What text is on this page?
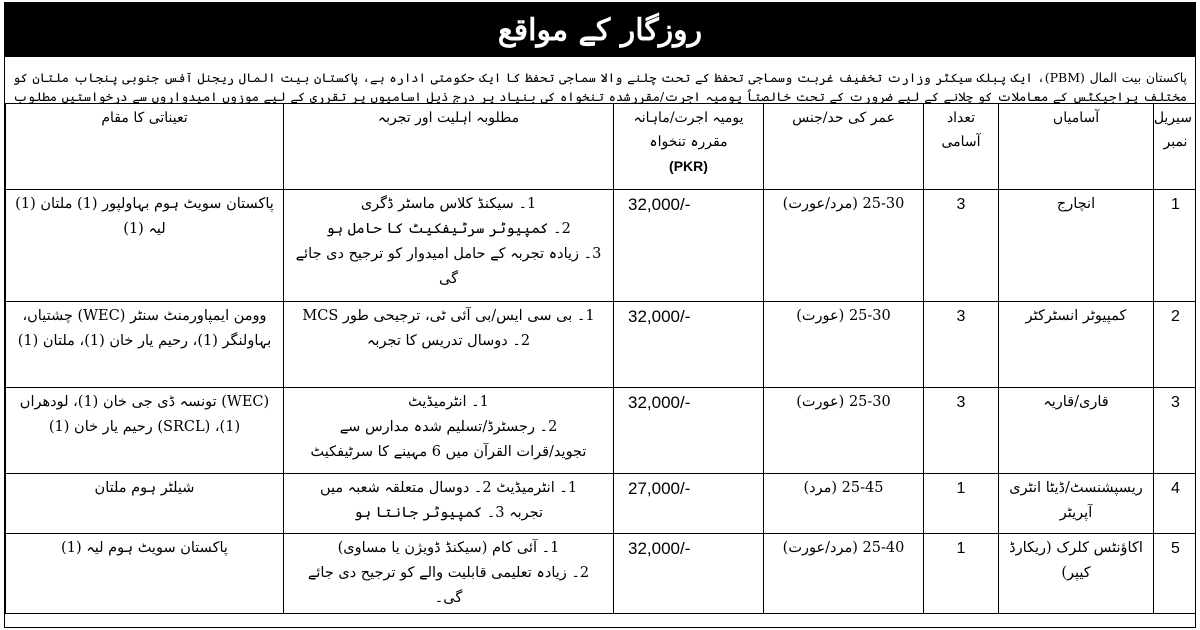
روزگار کے مواقع
پاکستان بیت المال (PBM)، ایک پبلک سیکٹر وزارت تخفیف غربت وسماجی تحفظ کے تحت چلنے والا سماجی تحفظ کا ایک حکومتی ادارہ ہے، پاکستان بیت المال ریجنل آفس جنوبی پنجاب ملتان کو مختلف پراجیکٹس کے معاملات کو چلانے کے لیے ضرورت کے تحت خالصتاً یومیہ اجرت/مقررشدہ تنخواہ کی بنیاد پر درج ذیل اسامیوں پر تقرری کے لیے موزوں امیدواروں سے درخواستیں مطلوب
سیریل نمبر	آسامیاں	تعداد آسامی	عمر کی حد/جنس	یومیہ اجرت/ماہانہ
مقررہ تنخواہ
(PKR)	مطلوبہ اہلیت اور تجربہ	تعیناتی کا مقام
1	انچارج	3	25-30 (مرد/عورت)	32,000/-	1۔ سیکنڈ کلاس ماسٹر ڈگری
2۔ کمپیوٹر سرٹیفکیٹ کا حامل ہو
3۔ زیادہ تجربہ کے حامل امیدوار کو ترجیح دی جائے گی	پاکستان سویٹ ہوم بہاولپور (1) ملتان (1) لیہ (1)
2	کمپیوٹر انسٹرکٹر	3	25-30 (عورت)	32,000/-	1۔ بی سی ایس/بی آئی ٹی، ترجیحی طور MCS
2۔ دوسال تدریس کا تجربہ	وومن ایمپاورمنٹ سنٹر (WEC) چشتیاں، بہاولنگر (1)، رحیم یار خان (1)، ملتان (1)
3	قاری/قاریہ	3	25-30 (عورت)	32,000/-	1۔ انٹرمیڈیٹ
2۔ رجسٹرڈ/تسلیم شدہ مدارس سے
تجوید/قرات القرآن میں 6 مہینے کا سرٹیفکیٹ	(WEC) تونسہ ڈی جی خان (1)، لودھراں (1)، (SRCL) رحیم یار خان (1)
4	ریسپشنسٹ/ڈیٹا انٹری آپریٹر	1	25-45 (مرد)	27,000/-	1۔ انٹرمیڈیٹ 2۔ دوسال متعلقہ شعبہ میں
تجربہ 3۔ کمپیوٹر جانتا ہو	شیلٹر ہوم ملتان
5	اکاؤنٹس کلرک (ریکارڈ کیپر)	1	25-40 (مرد/عورت)	32,000/-	1۔ آئی کام (سیکنڈ ڈویژن یا مساوی)
2۔ زیادہ تعلیمی قابلیت والے کو ترجیح دی جائے
گی۔	پاکستان سویٹ ہوم لیہ (1)
